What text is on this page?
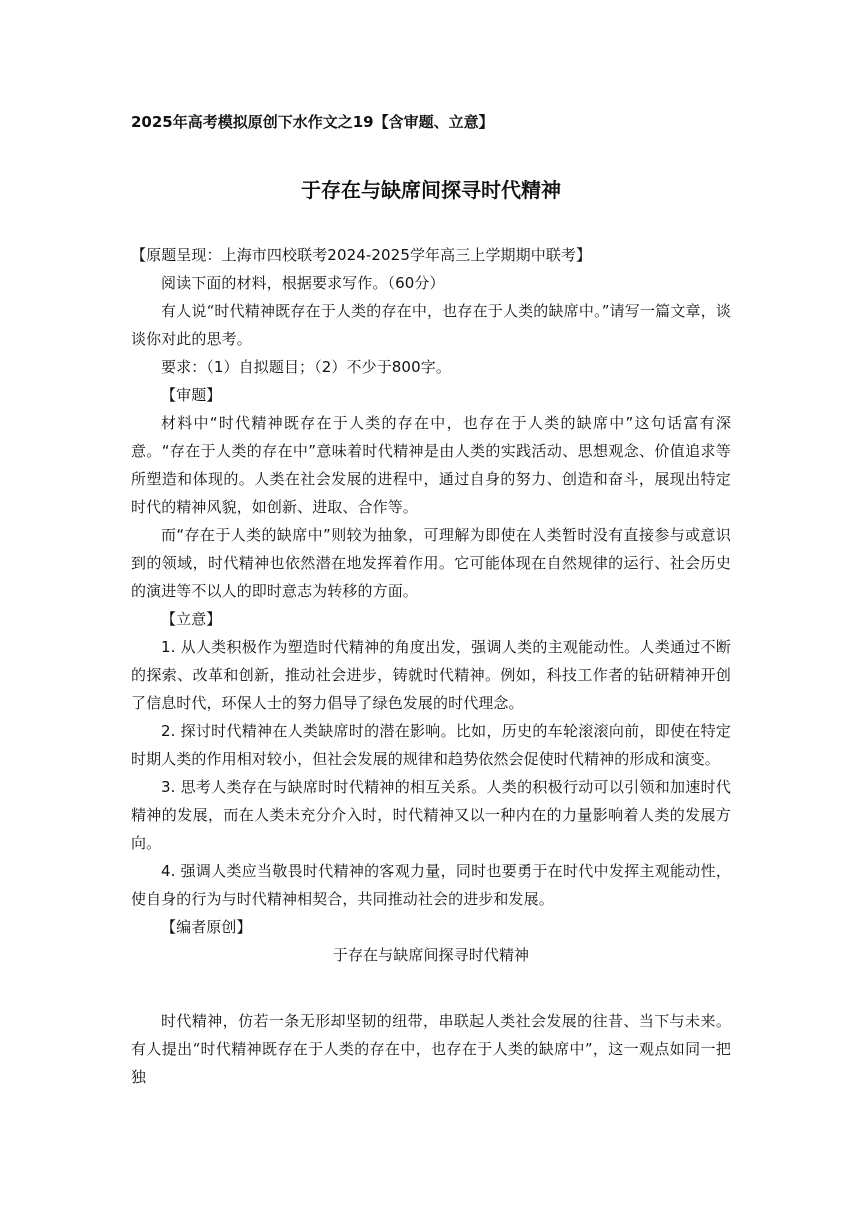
2025年高考模拟原创下水作文之19【含审题、立意】
于存在与缺席间探寻时代精神

【原题呈现：上海市四校联考2024-2025学年高三上学期期中联考】

阅读下面的材料，根据要求写作。（60分）

有人说“时代精神既存在于人类的存在中，也存在于人类的缺席中。”请写一篇文章，谈谈你对此的思考。

要求：（1）自拟题目；（2）不少于800字。

【审题】

材料中“时代精神既存在于人类的存在中，也存在于人类的缺席中”这句话富有深意。“存在于人类的存在中”意味着时代精神是由人类的实践活动、思想观念、价值追求等所塑造和体现的。人类在社会发展的进程中，通过自身的努力、创造和奋斗，展现出特定时代的精神风貌，如创新、进取、合作等。

而“存在于人类的缺席中”则较为抽象，可理解为即使在人类暂时没有直接参与或意识到的领域，时代精神也依然潜在地发挥着作用。它可能体现在自然规律的运行、社会历史的演进等不以人的即时意志为转移的方面。

【立意】

1. 从人类积极作为塑造时代精神的角度出发，强调人类的主观能动性。人类通过不断的探索、改革和创新，推动社会进步，铸就时代精神。例如，科技工作者的钻研精神开创了信息时代，环保人士的努力倡导了绿色发展的时代理念。

2. 探讨时代精神在人类缺席时的潜在影响。比如，历史的车轮滚滚向前，即使在特定时期人类的作用相对较小，但社会发展的规律和趋势依然会促使时代精神的形成和演变。

3. 思考人类存在与缺席时时代精神的相互关系。人类的积极行动可以引领和加速时代精神的发展，而在人类未充分介入时，时代精神又以一种内在的力量影响着人类的发展方向。

4. 强调人类应当敬畏时代精神的客观力量，同时也要勇于在时代中发挥主观能动性，使自身的行为与时代精神相契合，共同推动社会的进步和发展。

【编者原创】

于存在与缺席间探寻时代精神

时代精神，仿若一条无形却坚韧的纽带，串联起人类社会发展的往昔、当下与未来。有人提出“时代精神既存在于人类的存在中，也存在于人类的缺席中”，这一观点如同一把独
